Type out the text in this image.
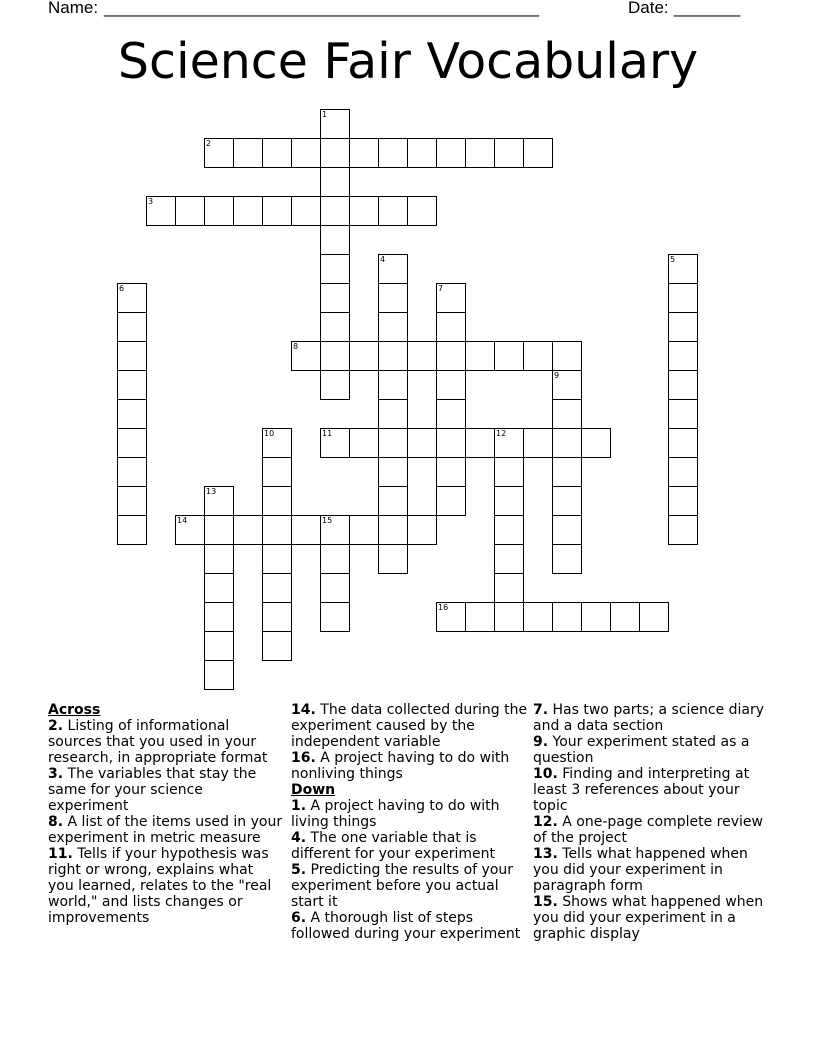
Name: ______________________________________________	Date: _______
Science Fair Vocabulary
1
2
3
4	5
6	7
8
9
10	11	12
13
14	15
16
Across
2. Listing of informational sources that you used in your research, in appropriate format
3. The variables that stay the same for your science experiment
8. A list of the items used in your experiment in metric measure
11. Tells if your hypothesis was right or wrong, explains what you learned, relates to the "real world," and lists changes or improvements
14. The data collected during the experiment caused by the independent variable
16. A project having to do with nonliving things
Down
1. A project having to do with living things
4. The one variable that is different for your experiment
5. Predicting the results of your experiment before you actual start it
6. A thorough list of steps followed during your experiment
7. Has two parts; a science diary and a data section
9. Your experiment stated as a question
10. Finding and interpreting at least 3 references about your topic
12. A one-page complete review of the project
13. Tells what happened when you did your experiment in paragraph form
15. Shows what happened when you did your experiment in a graphic display
